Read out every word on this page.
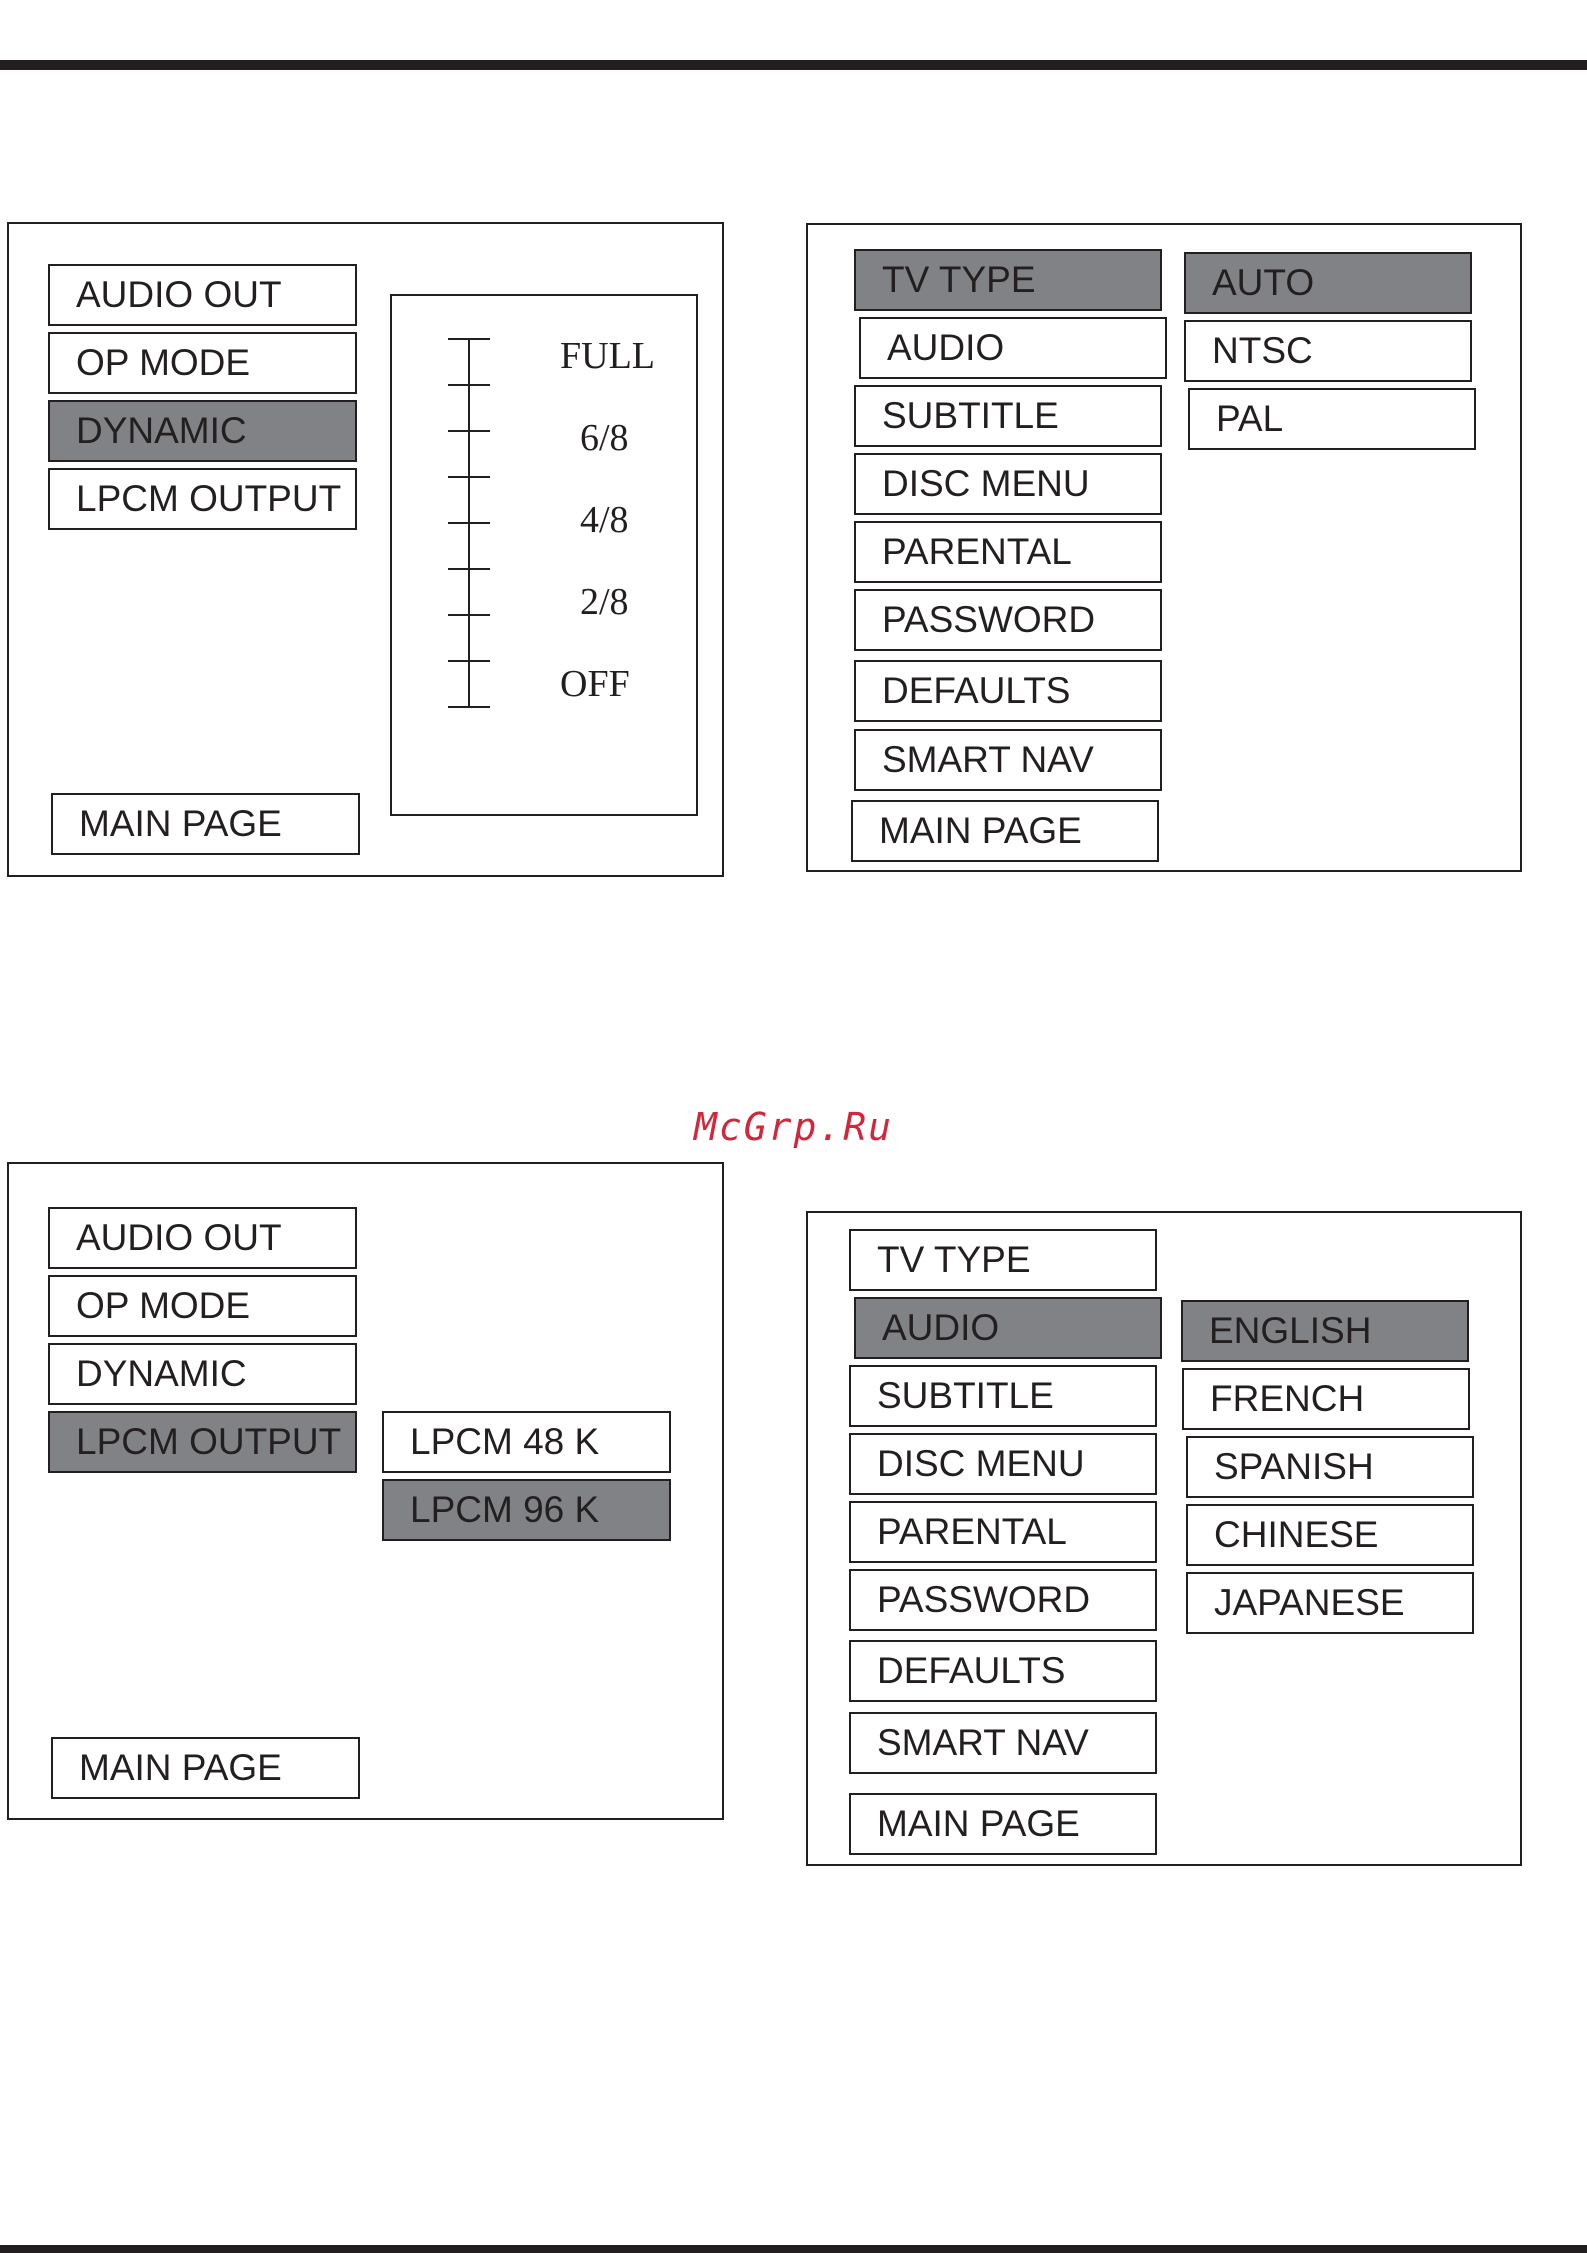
AUDIO OUT
OP MODE
DYNAMIC
LPCM OUTPUT
FULL
6/8
4/8
2/8
OFF
MAIN PAGE
TV TYPE
AUDIO
SUBTITLE
DISC MENU
PARENTAL
PASSWORD
DEFAULTS
SMART NAV
MAIN PAGE
AUTO
NTSC
PAL
McGrp.Ru
AUDIO OUT
OP MODE
DYNAMIC
LPCM OUTPUT	LPCM 48 K
LPCM 96 K
MAIN PAGE
TV TYPE
AUDIO
SUBTITLE
DISC MENU
PARENTAL
PASSWORD
DEFAULTS
SMART NAV
MAIN PAGE
ENGLISH
FRENCH
SPANISH
CHINESE
JAPANESE
